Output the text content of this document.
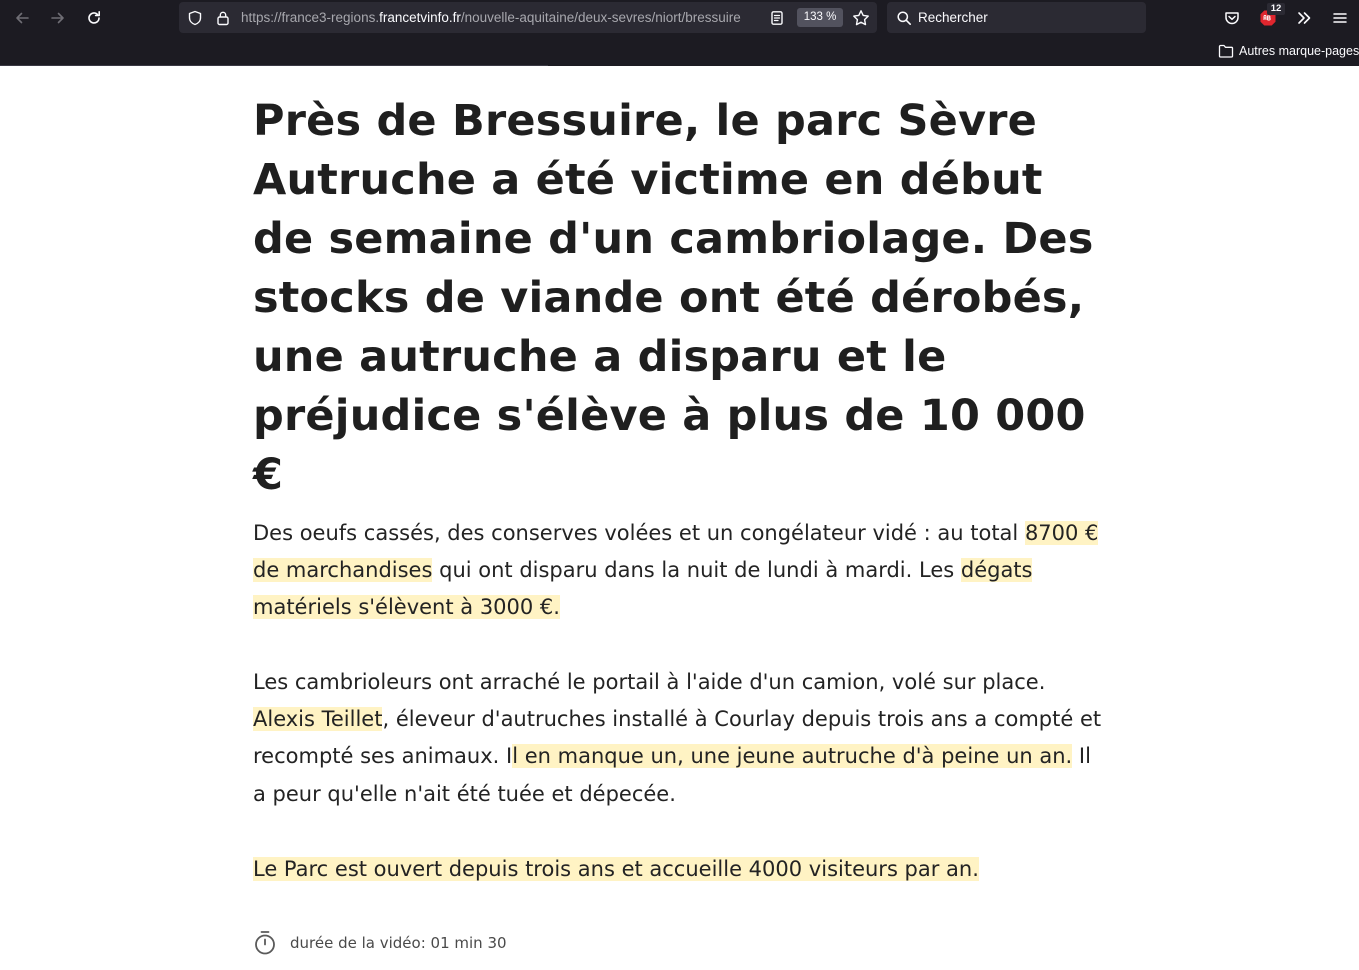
https://france3-regions.francetvinfo.fr/nouvelle-aquitaine/deux-sevres/niort/bressuire	133 %	Rechercher
12
Autres marque-pages
Près de Bressuire, le parc Sèvre Autruche a été victime en début de semaine d'un cambriolage. Des stocks de viande ont été dérobés, une autruche a disparu et le préjudice s'élève à plus de 10 000 €

Des oeufs cassés, des conserves volées et un congélateur vidé : au total 8700 € de marchandises qui ont disparu dans la nuit de lundi à mardi. Les dégats matériels s'élèvent à 3000 €.

Les cambrioleurs ont arraché le portail à l'aide d'un camion, volé sur place. Alexis Teillet, éleveur d'autruches installé à Courlay depuis trois ans a compté et recompté ses animaux. Il en manque un, une jeune autruche d'à peine un an. Il a peur qu'elle n'ait été tuée et dépecée.

Le Parc est ouvert depuis trois ans et accueille 4000 visiteurs par an.

durée de la vidéo: 01 min 30
